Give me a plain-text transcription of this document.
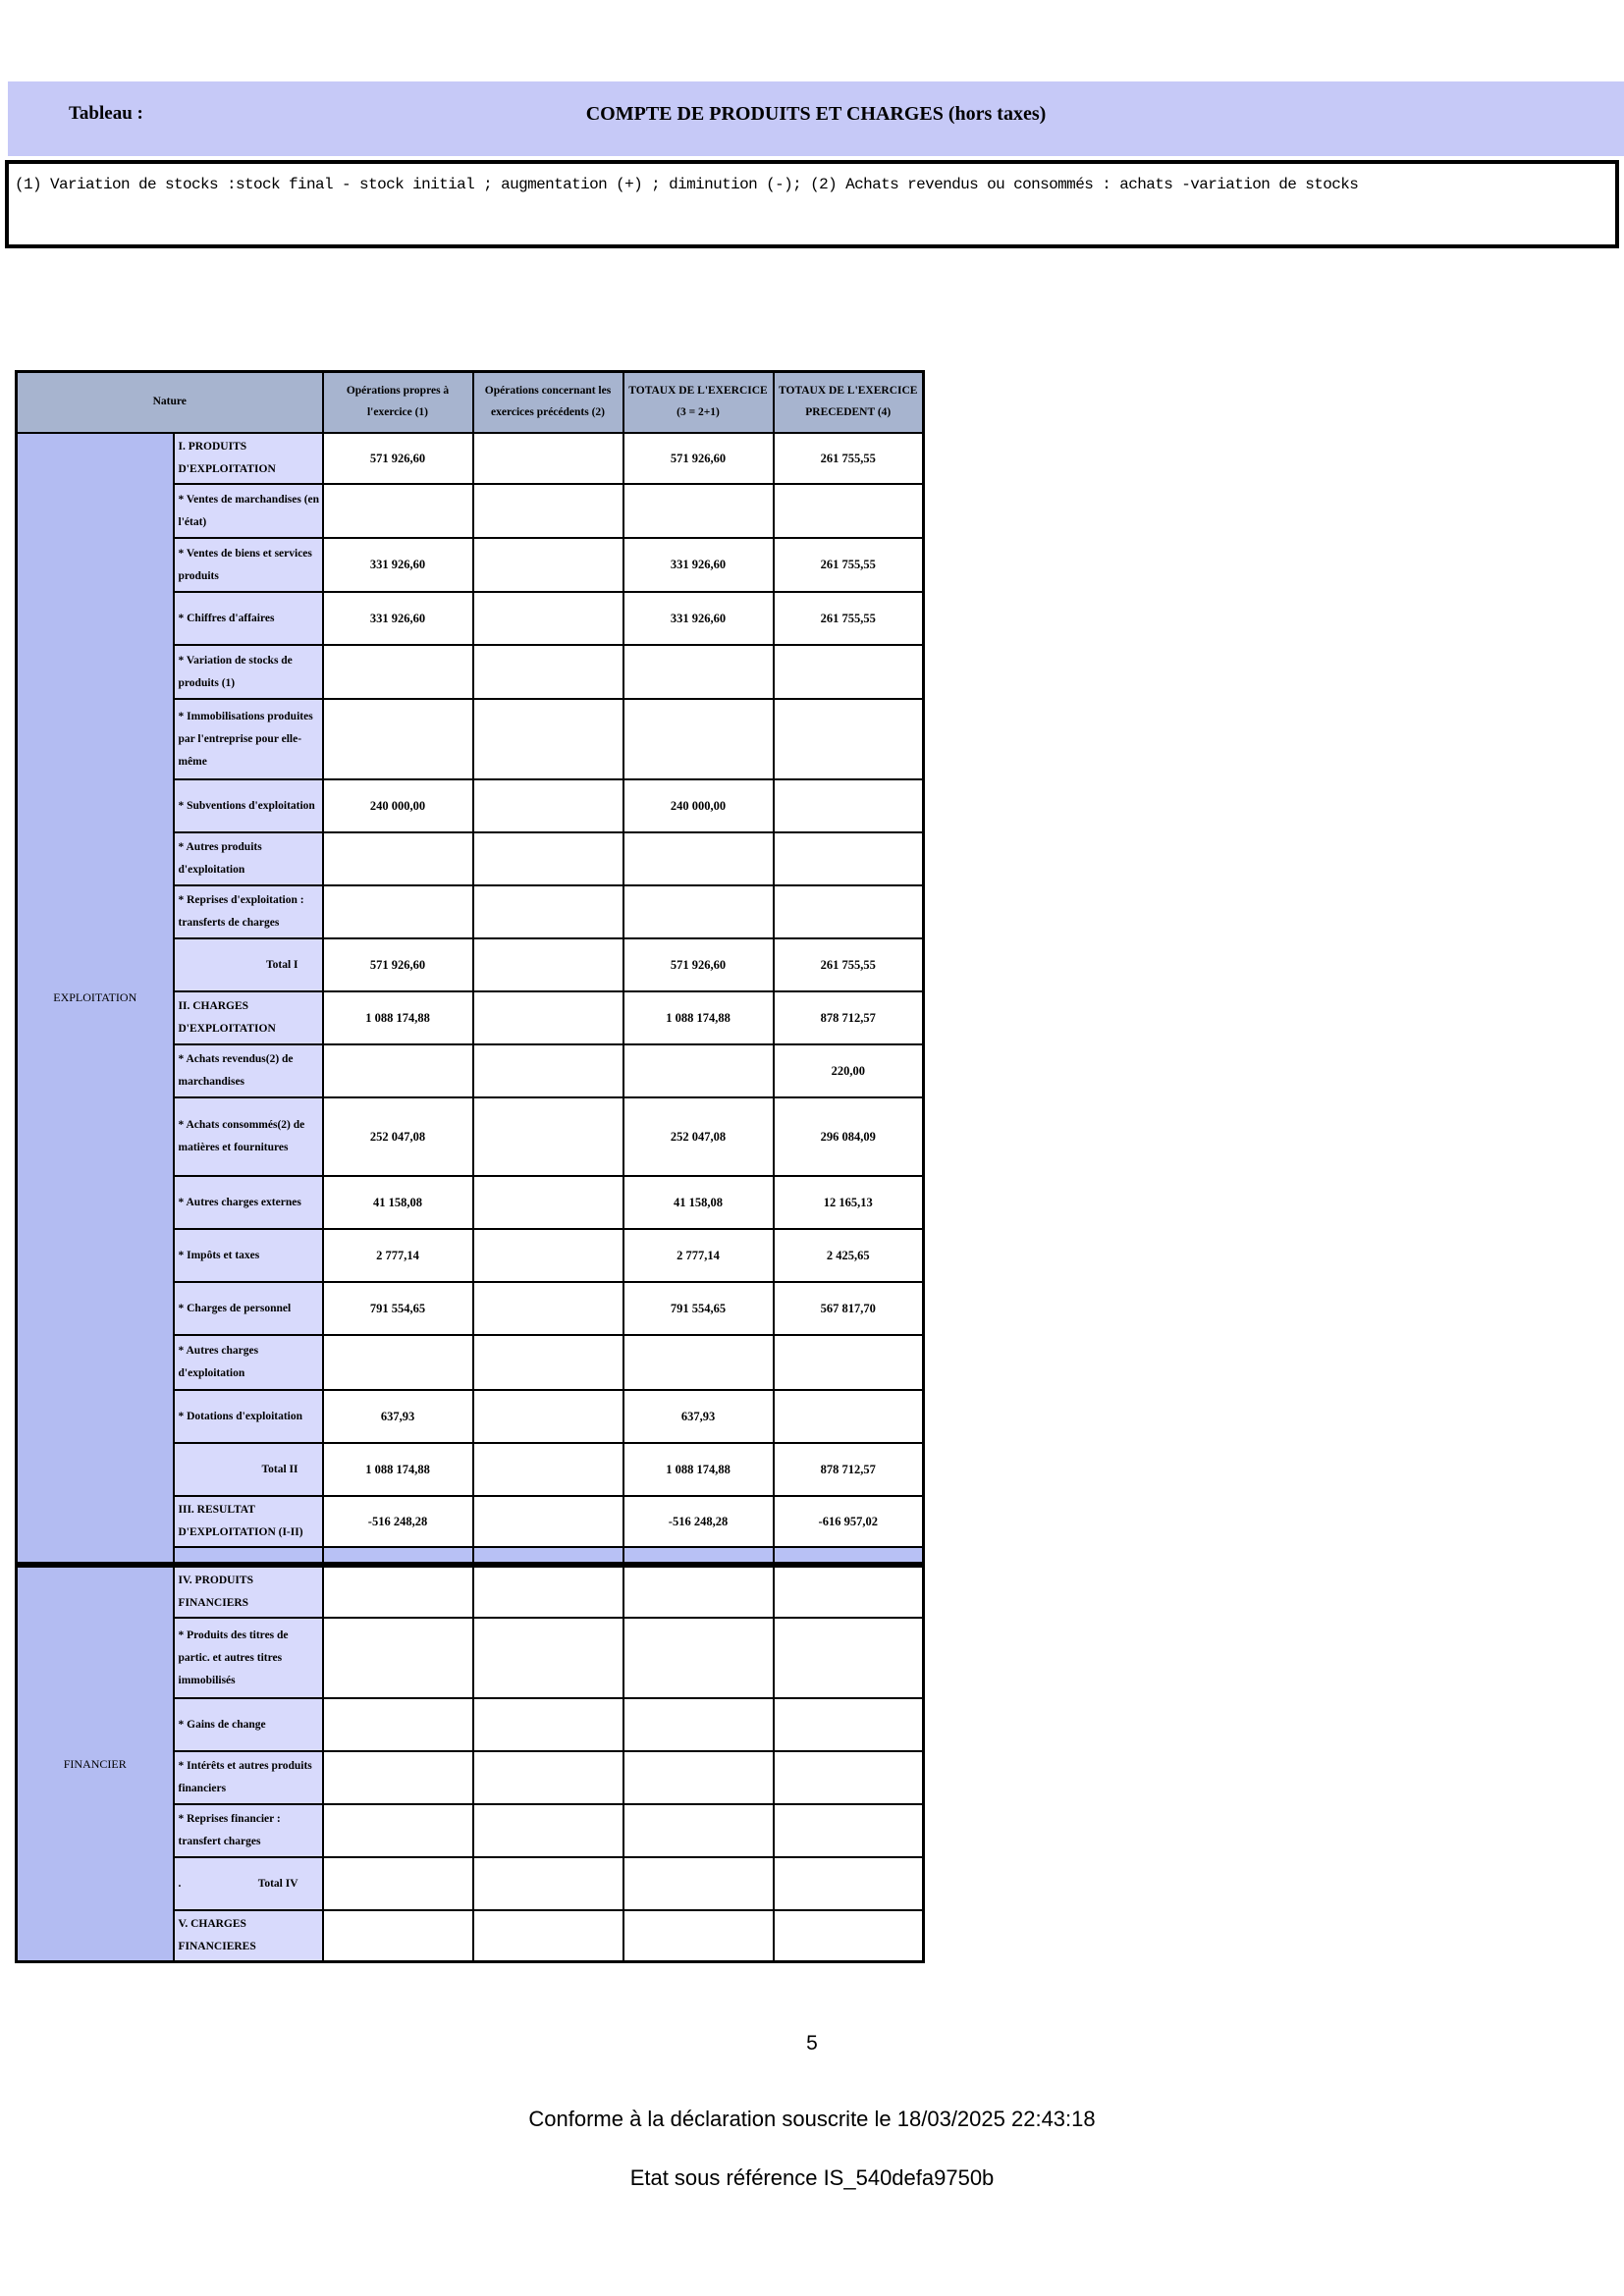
Tableau :	COMPTE DE PRODUITS ET CHARGES (hors taxes)
(1) Variation de stocks :stock final - stock initial ; augmentation (+) ; diminution (-); (2) Achats revendus ou consommés : achats -variation de stocks
Nature		Opérations propres à l'exercice (1)	Opérations concernant les exercices précédents (2)	TOTAUX DE L'EXERCICE (3 = 2+1)	TOTAUX DE L'EXERCICE PRECEDENT (4)
EXPLOITATION	I. PRODUITS D'EXPLOITATION	571 926,60		571 926,60	261 755,55
	* Ventes de marchandises (en l'état)				
	* Ventes de biens et services produits	331 926,60		331 926,60	261 755,55
	* Chiffres d'affaires	331 926,60		331 926,60	261 755,55
	* Variation de stocks de produits (1)				
	* Immobilisations produites par l'entreprise pour elle-même				
	* Subventions d'exploitation	240 000,00		240 000,00	
	* Autres produits d'exploitation				
	* Reprises d'exploitation : transferts de charges				
	Total I	571 926,60		571 926,60	261 755,55
	II. CHARGES D'EXPLOITATION	1 088 174,88		1 088 174,88	878 712,57
	* Achats revendus(2) de marchandises				220,00
	* Achats consommés(2) de matières et fournitures	252 047,08		252 047,08	296 084,09
	* Autres charges externes	41 158,08		41 158,08	12 165,13
	* Impôts et taxes	2 777,14		2 777,14	2 425,65
	* Charges de personnel	791 554,65		791 554,65	567 817,70
	* Autres charges d'exploitation				
	* Dotations d'exploitation	637,93		637,93	
	Total II	1 088 174,88		1 088 174,88	878 712,57
	III. RESULTAT D'EXPLOITATION (I-II)	-516 248,28		-516 248,28	-616 957,02

FINANCIER	IV. PRODUITS FINANCIERS				
	* Produits des titres de partic. et autres titres immobilisés				
	* Gains de change				
	* Intérêts et autres produits financiers				
	* Reprises financier : transfert charges				

	. Total IV				
	V. CHARGES FINANCIERES				
5
Conforme à la déclaration souscrite le 18/03/2025 22:43:18
Etat sous référence IS_540defa9750b
